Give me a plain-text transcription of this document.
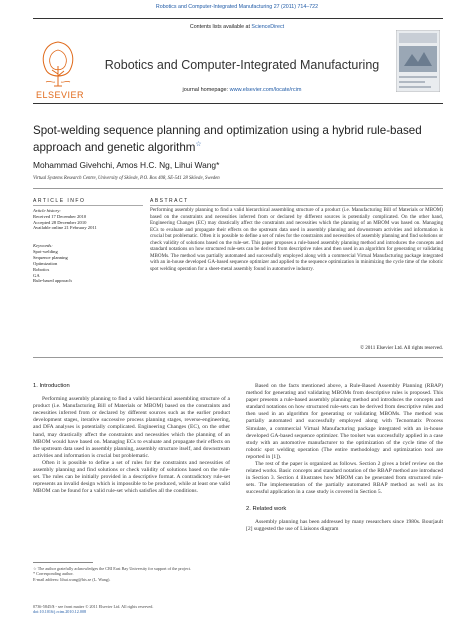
Robotics and Computer-Integrated Manufacturing 27 (2011) 714–722
Contents lists available at ScienceDirect
ELSEVIER
Robotics and Computer-Integrated Manufacturing
journal homepage: www.elsevier.com/locate/rcim
Spot-welding sequence planning and optimization using a hybrid rule-based approach and genetic algorithm☆
Mohammad Givehchi, Amos H.C. Ng, Lihui Wang*
Virtual Systems Research Centre, University of Skövde, P.O. Box 408, SE-541 28 Skövde, Sweden
ARTICLE INFO	ABSTRACT
Article history:
Received 17 December 2010
Accepted 28 December 2010
Available online 21 February 2011
Keywords:
Spot-welding
Sequence planning
Optimization
Robotics
GA
Rule-based approach
Performing assembly planning to find a valid hierarchical assembling structure of a product (i.e. Manufacturing Bill of Materials or MBOM) based on the constraints and necessities inferred from or declared by different sources is potentially complicated. On the other hand, Engineering Changes (EC) may drastically affect the constraints and necessities which the planning of an MBOM was based on. Managing ECs to evaluate and propagate their effects on the upstream data used in assembly planning and downstream activities and information is crucial but problematic. Often it is possible to define a set of rules for the constraints and necessities of assembly planning and find solutions or check validity of solutions based on the rule-set. This paper proposes a rule-based assembly planning method and introduces the concepts and standard notations on how structured rule-sets can be derived from descriptive rules and then used in an algorithm for generating or validating MBOMs. The method was partially automated and successfully employed along with a commercial Virtual Manufacturing package integrated with an in-house developed GA-based sequence optimizer and applied to the sequence optimization in minimizing the cycle time of the robotic spot welding operation for a sheet-metal assembly found in automotive industry.
© 2011 Elsevier Ltd. All rights reserved.
1. Introduction

Performing assembly planning to find a valid hierarchical assembling structure of a product (i.e. Manufacturing Bill of Materials or MBOM) based on the constraints and necessities inferred from or declared by different sources such as the earlier product development stages, iterative successive process planning stages, reverse-engineering, and DFA analyses is potentially complicated. Engineering Changes (EC), on the other hand, may drastically affect the constraints and necessities which the planning of an MBOM would have based on. Managing ECs to evaluate and propagate their effects on the upstream data used in assembly planning, assembly structure itself, and downstream activities and information is crucial but problematic.

Often it is possible to define a set of rules for the constraints and necessities of assembly planning and find solutions or check validity of solutions based on the rule-set. The rules can be initially provided in a descriptive format. A contradictory rule-set represents an invalid design which is impossible to be produced, while at least one valid MBOM can be found for a valid rule-set which satisfies all the conditions.

Based on the facts mentioned above, a Rule-Based Assembly Planning (RBAP) method for generating and validating MBOMs from descriptive rules is proposed. This paper presents a rule-based assembly planning method and introduces the concepts and standard notations on how structured rule-sets can be derived from descriptive rules and then used in an algorithm for generating or validating MBOMs. The method was partially automated and successfully employed along with Tecnomatix Process Simulate, a commercial Virtual Manufacturing package integrated with an in-house developed GA-based sequence optimizer. The toolset was successfully applied in a case study with an automotive manufacturer to the optimization of the cycle time of the robotic spot welding operation (The entire methodology and optimization tool are reported in [1]).

The rest of the paper is organized as follows. Section 2 gives a brief review on the related works. Basic concepts and standard notation of the RBAP method are introduced in Section 3. Section 4 illustrates how MBOM can be generated from structured rule-sets. The implementation of the partially automated RBAP method as well as its successful application in a case study is covered in Section 5.

2. Related work

Assembly planning has been addressed by many researchers since 1980s. Bourjault [2] suggested the use of Liaisons diagram

☆ The author gratefully acknowledges the CRI East Bay University for support of the project.
* Corresponding author.
E-mail address: lihui.wang@his.se (L. Wang).
0736-5845/$ - see front matter © 2011 Elsevier Ltd. All rights reserved.
doi:10.1016/j.rcim.2010.12.008
